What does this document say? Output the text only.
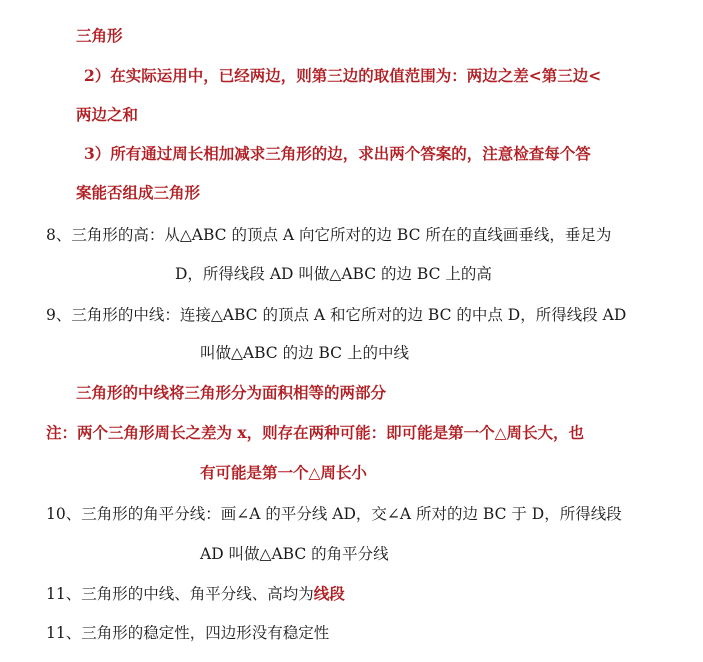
三角形
2）在实际运用中，已经两边，则第三边的取值范围为：两边之差<第三边<
两边之和
3）所有通过周长相加减求三角形的边，求出两个答案的，注意检查每个答
案能否组成三角形
8、三角形的高：从△ABC 的顶点 A 向它所对的边 BC 所在的直线画垂线，垂足为
D，所得线段 AD 叫做△ABC 的边 BC 上的高
9、三角形的中线：连接△ABC 的顶点 A 和它所对的边 BC 的中点 D，所得线段 AD
叫做△ABC 的边 BC 上的中线
三角形的中线将三角形分为面积相等的两部分
注：两个三角形周长之差为 x，则存在两种可能：即可能是第一个△周长大，也
有可能是第一个△周长小
10、三角形的角平分线：画∠A 的平分线 AD，交∠A 所对的边 BC 于 D，所得线段
AD 叫做△ABC 的角平分线
11、三角形的中线、角平分线、高均为线段
11、三角形的稳定性，四边形没有稳定性
